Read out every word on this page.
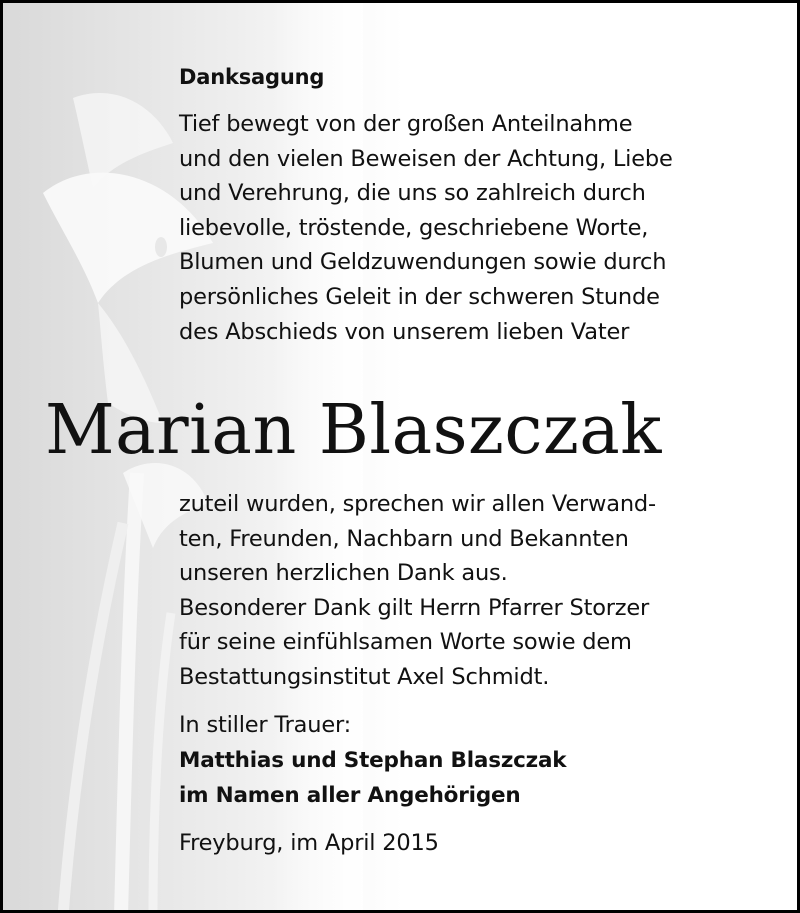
Danksagung
Tief bewegt von der großen Anteilnahme
und den vielen Beweisen der Achtung, Liebe
und Verehrung, die uns so zahlreich durch
liebevolle, tröstende, geschriebene Worte,
Blumen und Geldzuwendungen sowie durch
persönliches Geleit in der schweren Stunde
des Abschieds von unserem lieben Vater
Marian Blaszczak
zuteil wurden, sprechen wir allen Verwand-
ten, Freunden, Nachbarn und Bekannten
unseren herzlichen Dank aus.
Besonderer Dank gilt Herrn Pfarrer Storzer
für seine einfühlsamen Worte sowie dem
Bestattungsinstitut Axel Schmidt.
In stiller Trauer:
Matthias und Stephan Blaszczak
im Namen aller Angehörigen
Freyburg, im April 2015
